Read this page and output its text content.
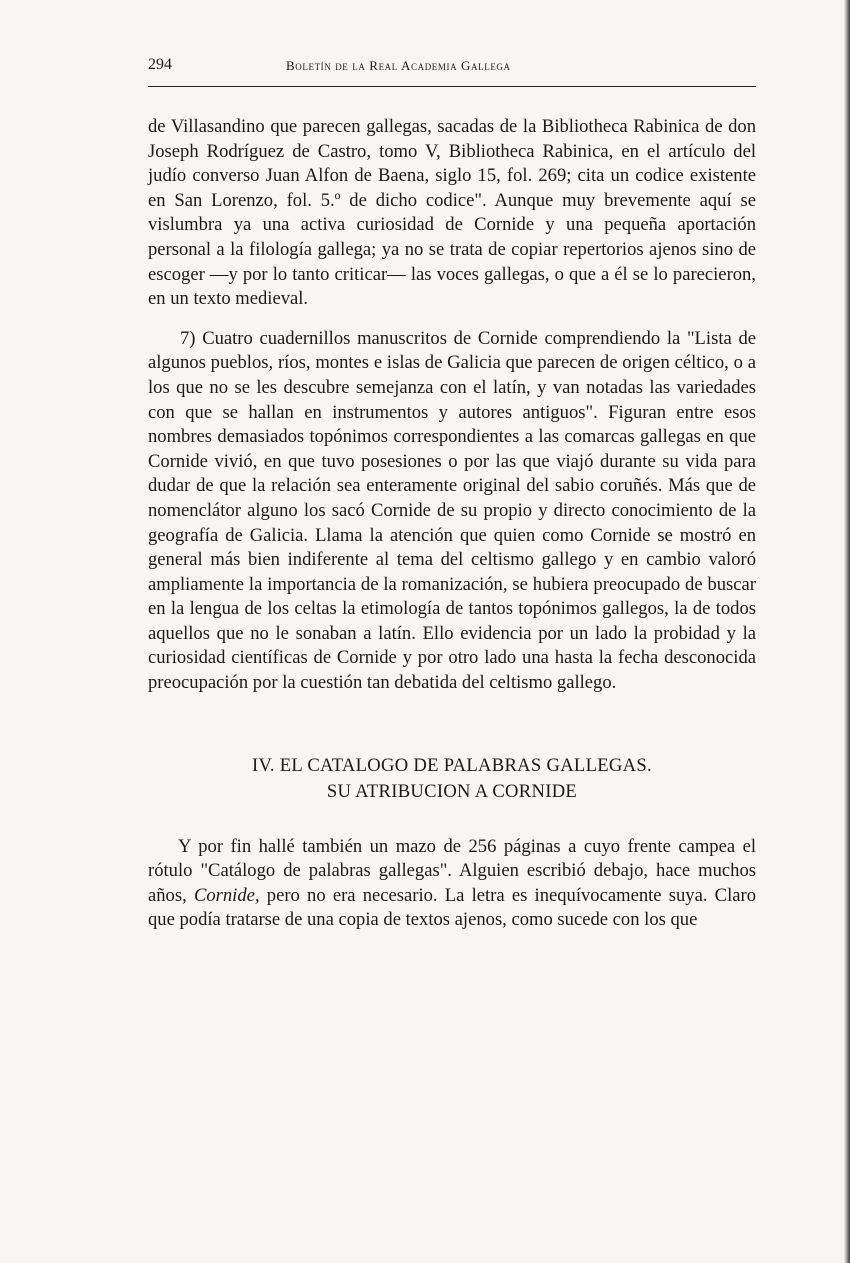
294	Boletín de la Real Academia Gallega

de Villasandino que parecen gallegas, sacadas de la Bibliotheca Rabinica de don Joseph Rodríguez de Castro, tomo V, Bibliotheca Rabinica, en el artículo del judío converso Juan Alfon de Baena, siglo 15, fol. 269; cita un codice existente en San Lorenzo, fol. 5.º de dicho codice". Aunque muy brevemente aquí se vislumbra ya una activa curiosidad de Cornide y una pequeña aportación personal a la filología gallega; ya no se trata de copiar repertorios ajenos sino de escoger —y por lo tanto criticar— las voces gallegas, o que a él se lo parecieron, en un texto medieval.

7) Cuatro cuadernillos manuscritos de Cornide comprendiendo la "Lista de algunos pueblos, ríos, montes e islas de Galicia que parecen de origen céltico, o a los que no se les descubre semejanza con el latín, y van notadas las variedades con que se hallan en instrumentos y autores antiguos". Figuran entre esos nombres demasiados topónimos correspondientes a las comarcas gallegas en que Cornide vivió, en que tuvo posesiones o por las que viajó durante su vida para dudar de que la relación sea enteramente original del sabio coruñés. Más que de nomenclátor alguno los sacó Cornide de su propio y directo conocimiento de la geografía de Galicia. Llama la atención que quien como Cornide se mostró en general más bien indiferente al tema del celtismo gallego y en cambio valoró ampliamente la importancia de la romanización, se hubiera preocupado de buscar en la lengua de los celtas la etimología de tantos topónimos gallegos, la de todos aquellos que no le sonaban a latín. Ello evidencia por un lado la probidad y la curiosidad científicas de Cornide y por otro lado una hasta la fecha desconocida preocupación por la cuestión tan debatida del celtismo gallego.

IV. EL CATALOGO DE PALABRAS GALLEGAS.
SU ATRIBUCION A CORNIDE

Y por fin hallé también un mazo de 256 páginas a cuyo frente campea el rótulo "Catálogo de palabras gallegas". Alguien escribió debajo, hace muchos años, Cornide, pero no era necesario. La letra es inequívocamente suya. Claro que podía tratarse de una copia de textos ajenos, como sucede con los que
